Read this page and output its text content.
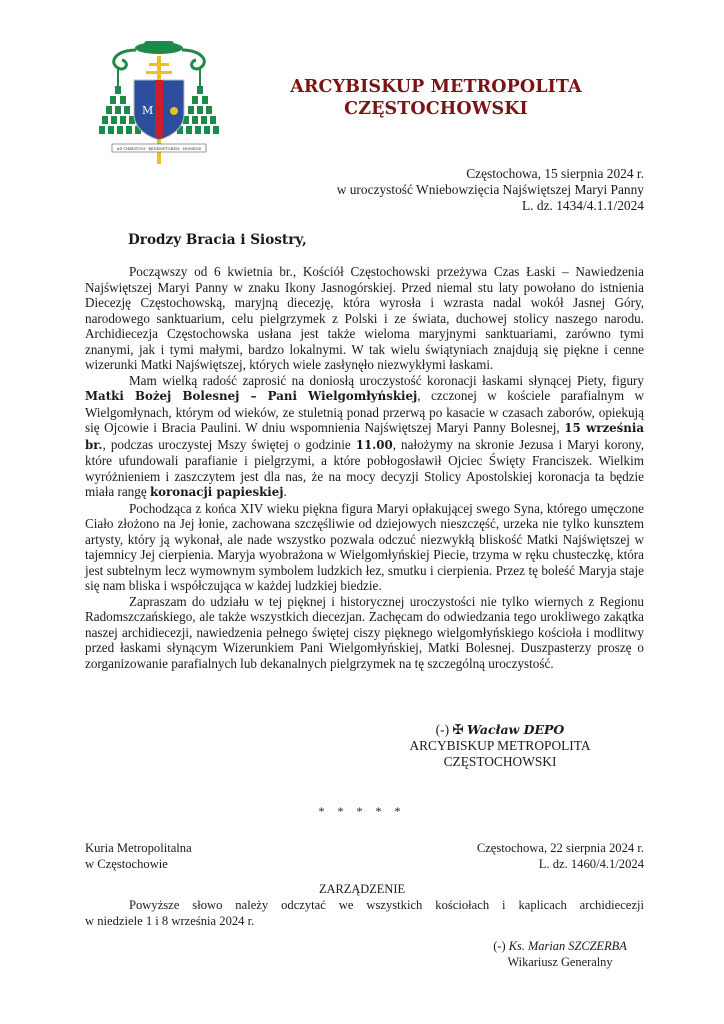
M
AD CHRISTUM · REDEMPTOREM · HOMINIS
ARCYBISKUP METROPOLITA
CZĘSTOCHOWSKI
Częstochowa, 15 sierpnia 2024 r.
w uroczystość Wniebowzięcia Najświętszej Maryi Panny
L. dz. 1434/4.1.1/2024
Drodzy Bracia i Siostry,

Począwszy od 6 kwietnia br., Kościół Częstochowski przeżywa Czas Łaski – Nawiedzenia Najświętszej Maryi Panny w znaku Ikony Jasnogórskiej. Przed niemal stu laty powołano do istnienia Diecezję Częstochowską, maryjną diecezję, która wyrosła i wzrasta nadal wokół Jasnej Góry, narodowego sanktuarium, celu pielgrzymek z Polski i ze świata, duchowej stolicy naszego narodu. Archidiecezja Częstochowska usłana jest także wieloma maryjnymi sanktuariami, zarówno tymi znanymi, jak i tymi małymi, bardzo lokalnymi. W tak wielu świątyniach znajdują się piękne i cenne wizerunki Matki Najświętszej, których wiele zasłynęło niezwykłymi łaskami.

Mam wielką radość zaprosić na doniosłą uroczystość koronacji łaskami słynącej Piety, figury Matki Bożej Bolesnej – Pani Wielgomłyńskiej, czczonej w kościele parafialnym w Wielgomłynach, którym od wieków, ze stuletnią ponad przerwą po kasacie w czasach zaborów, opiekują się Ojcowie i Bracia Paulini. W dniu wspomnienia Najświętszej Maryi Panny Bolesnej, 15 września br., podczas uroczystej Mszy świętej o godzinie 11.00, nałożymy na skronie Jezusa i Maryi korony, które ufundowali parafianie i pielgrzymi, a które pobłogosławił Ojciec Święty Franciszek. Wielkim wyróżnieniem i zaszczytem jest dla nas, że na mocy decyzji Stolicy Apostolskiej koronacja ta będzie miała rangę koronacji papieskiej.

Pochodząca z końca XIV wieku piękna figura Maryi opłakującej swego Syna, którego umęczone Ciało złożono na Jej łonie, zachowana szczęśliwie od dziejowych nieszczęść, urzeka nie tylko kunsztem artysty, który ją wykonał, ale nade wszystko pozwala odczuć niezwykłą bliskość Matki Najświętszej w tajemnicy Jej cierpienia. Maryja wyobrażona w Wielgomłyńskiej Piecie, trzyma w ręku chusteczkę, która jest subtelnym lecz wymownym symbolem ludzkich łez, smutku i cierpienia. Przez tę boleść Maryja staje się nam bliska i współczująca w każdej ludzkiej biedzie.

Zapraszam do udziału w tej pięknej i historycznej uroczystości nie tylko wiernych z Regionu Radomszczańskiego, ale także wszystkich diecezjan. Zachęcam do odwiedzania tego urokliwego zakątka naszej archidiecezji, nawiedzenia pełnego świętej ciszy pięknego wielgomłyńskiego kościoła i modlitwy przed łaskami słynącym Wizerunkiem Pani Wielgomłyńskiej, Matki Bolesnej. Duszpasterzy proszę o zorganizowanie parafialnych lub dekanalnych pielgrzymek na tę szczególną uroczystość.

(-) ✠ Wacław DEPO
ARCYBISKUP METROPOLITA
CZĘSTOCHOWSKI
* * * * *
Kuria Metropolitalna
w Częstochowie
Częstochowa, 22 sierpnia 2024 r.
L. dz. 1460/4.1/2024
ZARZĄDZENIE
Powyższe słowo należy odczytać we wszystkich kościołach i kaplicach archidiecezji
w niedziele 1 i 8 września 2024 r.
(-) Ks. Marian SZCZERBA
Wikariusz Generalny
